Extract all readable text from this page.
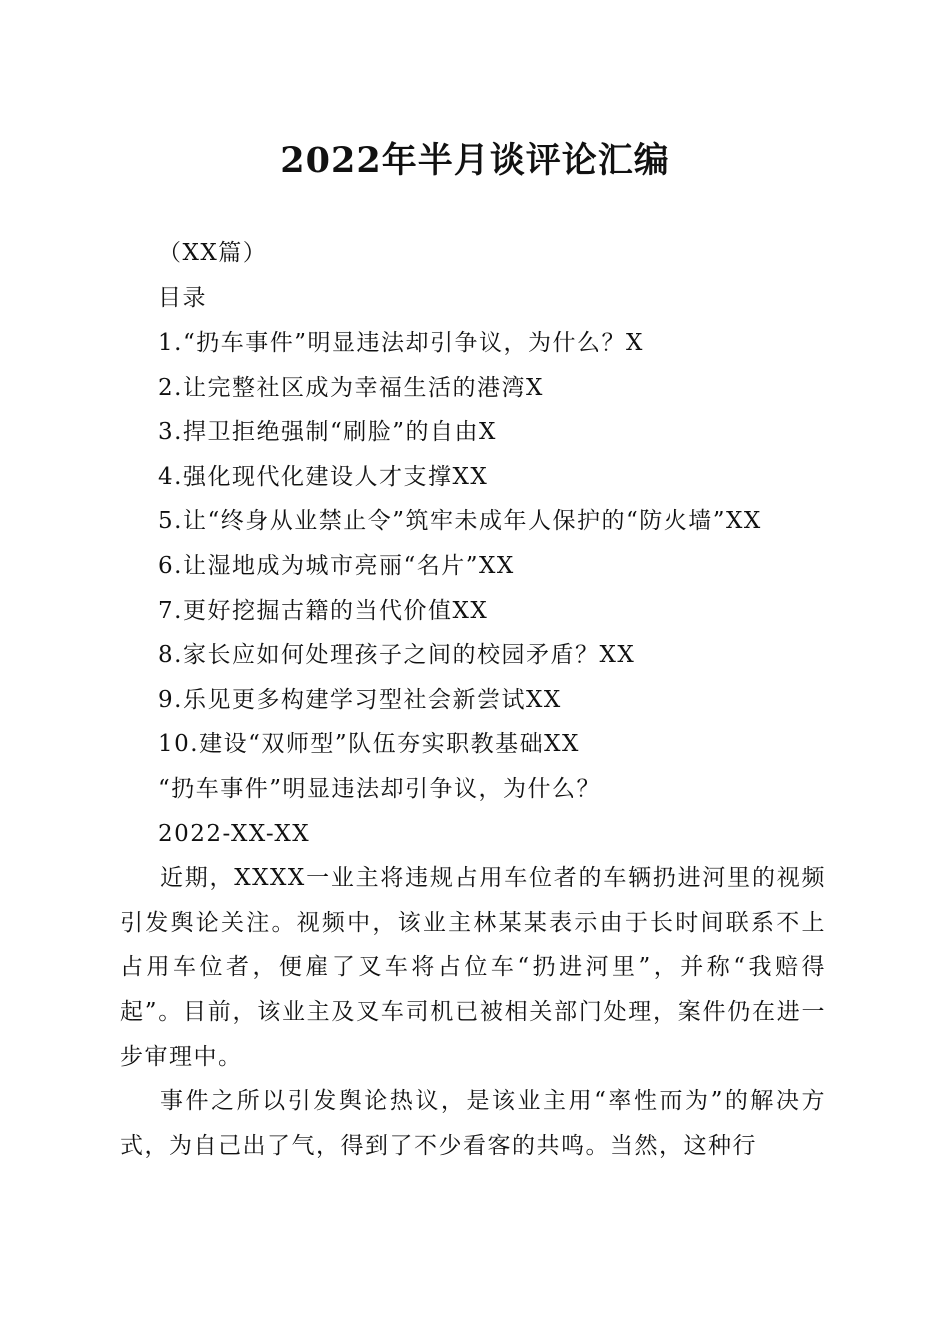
2022年半月谈评论汇编
（XX篇）
目录
1.“扔车事件”明显违法却引争议，为什么？X
2.让完整社区成为幸福生活的港湾X
3.捍卫拒绝强制“刷脸”的自由X
4.强化现代化建设人才支撑XX
5.让“终身从业禁止令”筑牢未成年人保护的“防火墙”XX
6.让湿地成为城市亮丽“名片”XX
7.更好挖掘古籍的当代价值XX
8.家长应如何处理孩子之间的校园矛盾？XX
9.乐见更多构建学习型社会新尝试XX
10.建设“双师型”队伍夯实职教基础XX
“扔车事件”明显违法却引争议，为什么？
2022-XX-XX
近期，XXXX一业主将违规占用车位者的车辆扔进河里的视频引发舆论关注。视频中，该业主林某某表示由于长时间联系不上占用车位者，便雇了叉车将占位车“扔进河里”，并称“我赔得起”。目前，该业主及叉车司机已被相关部门处理，案件仍在进一步审理中。
事件之所以引发舆论热议，是该业主用“率性而为”的解决方式，为自己出了气，得到了不少看客的共鸣。当然，这种行
